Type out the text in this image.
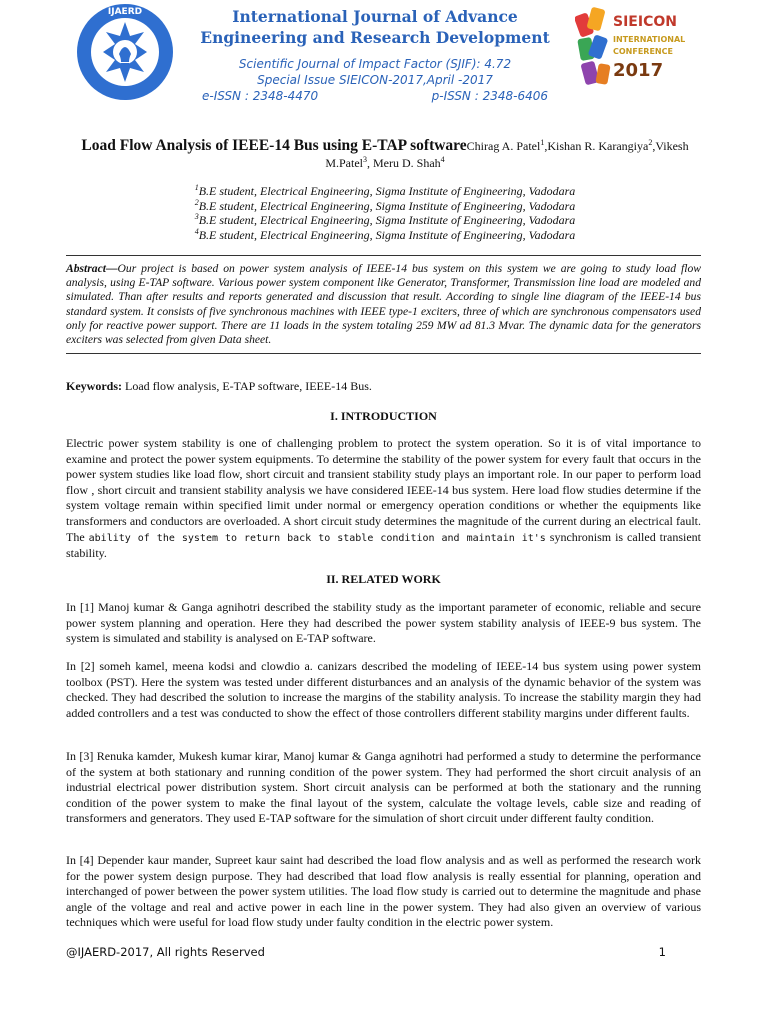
IJAERD	International Journal of Advance
Engineering and Research Development
Scientific Journal of Impact Factor (SJIF): 4.72
Special Issue SIEICON-2017,April -2017
e-ISSN : 2348-4470	p-ISSN : 2348-6406
SIEICON
INTERNATIONAL
CONFERENCE
2017
Load Flow Analysis of IEEE-14 Bus using E-TAP softwareChirag A. Patel$^1$,Kishan R. Karangiya$^2$,Vikesh M.Patel$^3$, Meru D. Shah$^4$
$^1$B.E student, Electrical Engineering, Sigma Institute of Engineering, Vadodara
$^2$B.E student, Electrical Engineering, Sigma Institute of Engineering, Vadodara
$^3$B.E student, Electrical Engineering, Sigma Institute of Engineering, Vadodara
$^4$B.E student, Electrical Engineering, Sigma Institute of Engineering, Vadodara
Abstract—Our project is based on power system analysis of IEEE-14 bus system on this system we are going to study load flow analysis, using E-TAP software. Various power system component like Generator, Transformer, Transmission line load are modeled and simulated. Than after results and reports generated and discussion that result. According to single line diagram of the IEEE-14 bus standard system. It consists of five synchronous machines with IEEE type-1 exciters, three of which are synchronous compensators used only for reactive power support. There are 11 loads in the system totaling 259 MW ad 81.3 Mvar. The dynamic data for the generators exciters was selected from given Data sheet.
Keywords: Load flow analysis, E-TAP software, IEEE-14 Bus.
I. INTRODUCTION
Electric power system stability is one of challenging problem to protect the system operation. So it is of vital importance to examine and protect the power system equipments. To determine the stability of the power system for every fault that occurs in the power system studies like load flow, short circuit and transient stability study plays an important role. In our paper to perform load flow , short circuit and transient stability analysis we have considered IEEE-14 bus system. Here load flow studies determine if the system voltage remain within specified limit under normal or emergency operation conditions or whether the equipments like transformers and conductors are overloaded. A short circuit study determines the magnitude of the current during an electrical fault. The ability of the system to return back to stable condition and maintain it's synchronism is called transient stability.
II. RELATED WORK
In [1] Manoj kumar & Ganga agnihotri described the stability study as the important parameter of economic, reliable and secure power system planning and operation. Here they had described the power system stability analysis of IEEE-9 bus system. The system is simulated and stability is analysed on E-TAP software.
In [2] someh kamel, meena kodsi and clowdio a. canizars described the modeling of IEEE-14 bus system using power system toolbox (PST). Here the system was tested under different disturbances and an analysis of the dynamic behavior of the system was checked. They had described the solution to increase the margins of the stability analysis. To increase the stability margin they had added controllers and a test was conducted to show the effect of those controllers different stability margins under different faults.
In [3] Renuka kamder, Mukesh kumar kirar, Manoj kumar & Ganga agnihotri had performed a study to determine the performance of the system at both stationary and running condition of the power system. They had performed the short circuit analysis of an industrial electrical power distribution system. Short circuit analysis can be performed at both the stationary and the running condition of the power system to make the final layout of the system, calculate the voltage levels, cable size and reading of transformers and generators. They used E-TAP software for the simulation of short circuit under different faulty condition.
In [4] Depender kaur mander, Supreet kaur saint had described the load flow analysis and as well as performed the research work for the power system design purpose. They had described that load flow analysis is really essential for planning, operation and interchanged of power between the power system utilities. The load flow study is carried out to determine the magnitude and phase angle of the voltage and real and active power in each line in the power system. They had also given an overview of various techniques which were useful for load flow study under faulty condition in the electric power system.
@IJAERD-2017, All rights Reserved	1
